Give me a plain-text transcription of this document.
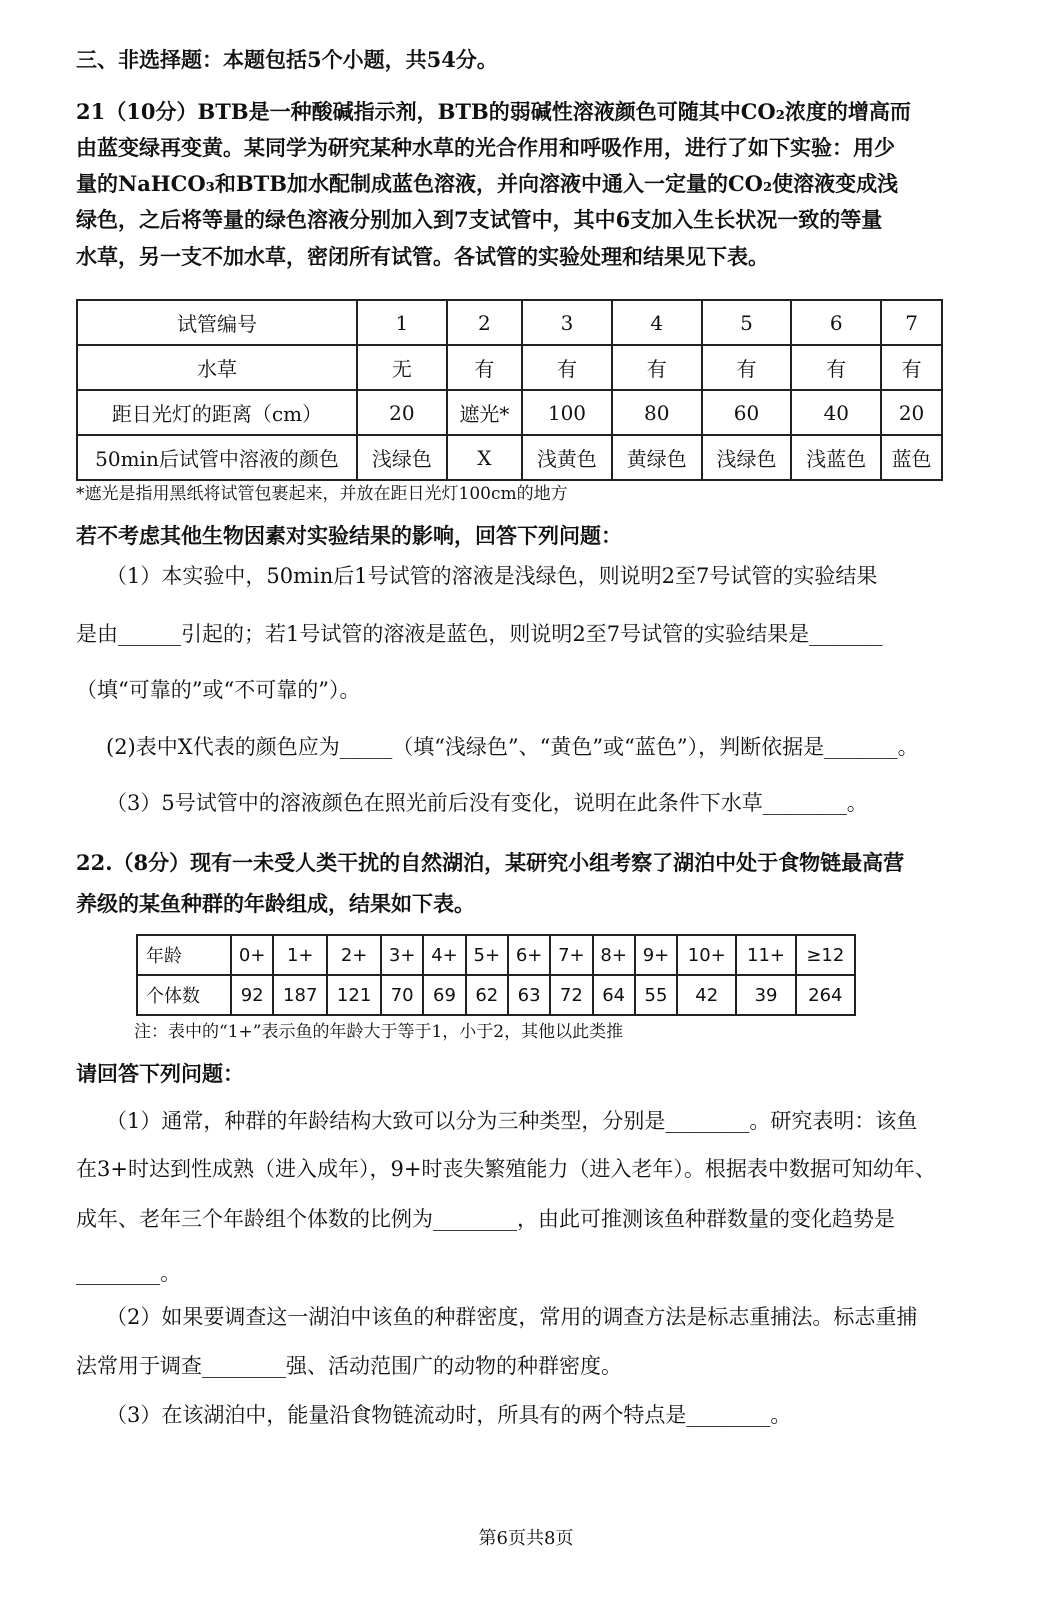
三、非选择题：本题包括5个小题，共54分。
21（10分）BTB是一种酸碱指示剂，BTB的弱碱性溶液颜色可随其中CO₂浓度的增高而
由蓝变绿再变黄。某同学为研究某种水草的光合作用和呼吸作用，进行了如下实验：用少
量的NaHCO₃和BTB加水配制成蓝色溶液，并向溶液中通入一定量的CO₂使溶液变成浅
绿色，之后将等量的绿色溶液分别加入到7支试管中，其中6支加入生长状况一致的等量
水草，另一支不加水草，密闭所有试管。各试管的实验处理和结果见下表。
试管编号	1	2	3	4	5	6	7
水草	无	有	有	有	有	有	有
距日光灯的距离（cm）	20	遮光*	100	80	60	40	20
50min后试管中溶液的颜色	浅绿色	X	浅黄色	黄绿色	浅绿色	浅蓝色	蓝色
*遮光是指用黑纸将试管包裹起来，并放在距日光灯100cm的地方
若不考虑其他生物因素对实验结果的影响，回答下列问题：
（1）本实验中，50min后1号试管的溶液是浅绿色，则说明2至7号试管的实验结果
是由______引起的；若1号试管的溶液是蓝色，则说明2至7号试管的实验结果是_______
（填“可靠的”或“不可靠的”）。
(2)表中X代表的颜色应为_____（填“浅绿色”、“黄色”或“蓝色”），判断依据是_______。
（3）5号试管中的溶液颜色在照光前后没有变化，说明在此条件下水草________。
22.（8分）现有一未受人类干扰的自然湖泊，某研究小组考察了湖泊中处于食物链最高营
养级的某鱼种群的年龄组成，结果如下表。
年龄	0+	1+	2+	3+	4+	5+	6+	7+	8+	9+	10+	11+	≥12
个体数	92	187	121	70	69	62	63	72	64	55	42	39	264
注：表中的“1+”表示鱼的年龄大于等于1，小于2，其他以此类推
请回答下列问题：
（1）通常，种群的年龄结构大致可以分为三种类型，分别是________。研究表明：该鱼
在3+时达到性成熟（进入成年），9+时丧失繁殖能力（进入老年）。根据表中数据可知幼年、
成年、老年三个年龄组个体数的比例为________，由此可推测该鱼种群数量的变化趋势是
________。
（2）如果要调查这一湖泊中该鱼的种群密度，常用的调查方法是标志重捕法。标志重捕
法常用于调查________强、活动范围广的动物的种群密度。
（3）在该湖泊中，能量沿食物链流动时，所具有的两个特点是________。
第6页共8页
